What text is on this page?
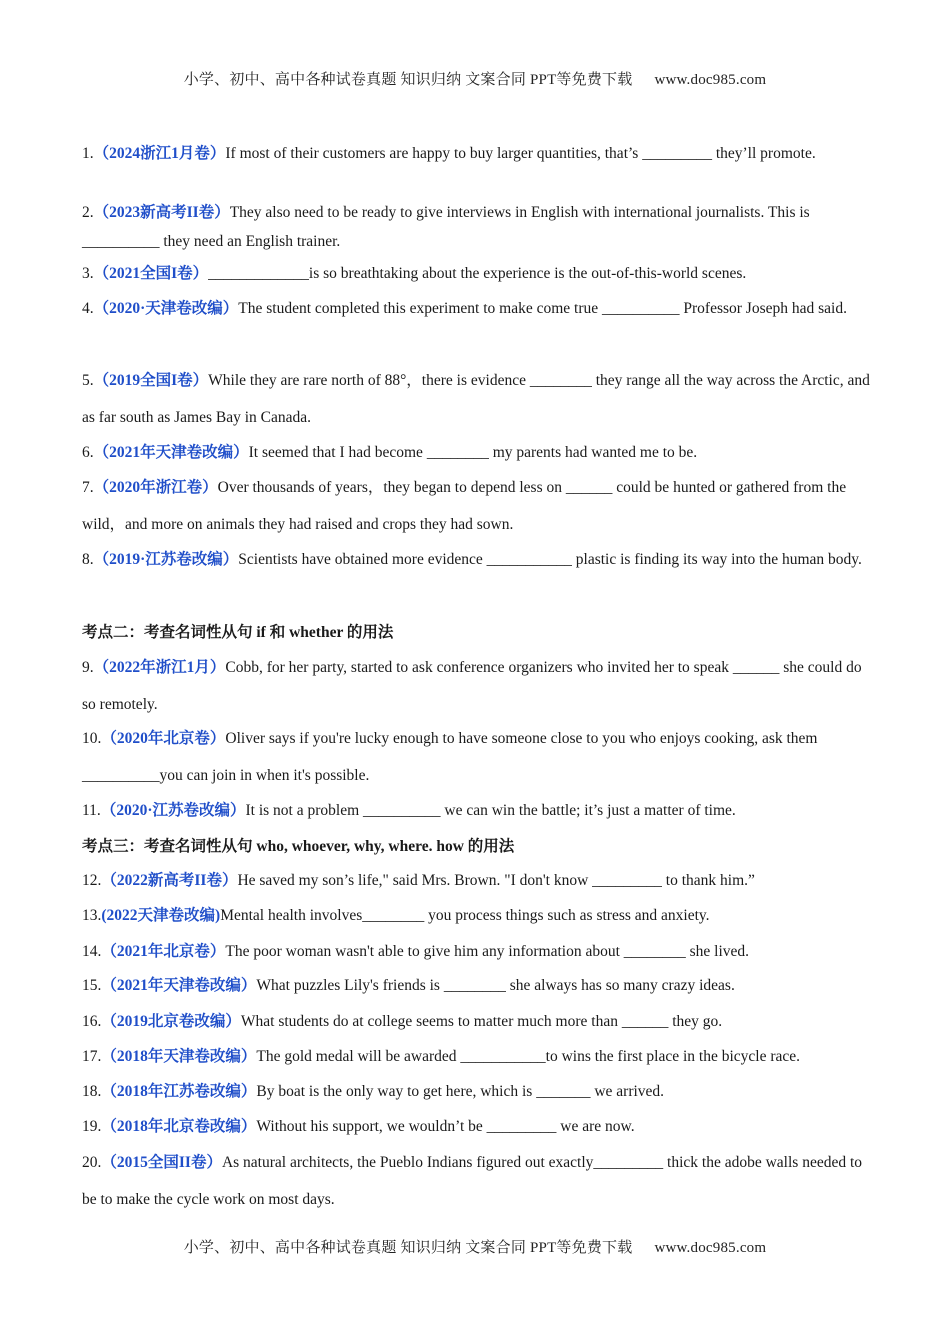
小学、初中、高中各种试卷真题 知识归纳 文案合同 PPT等免费下载 www.doc985.com
1.（2024浙江1月卷）If most of their customers are happy to buy larger quantities, that’s _________ they’ll promote.
2.（2023新高考II卷）They also need to be ready to give interviews in English with international journalists. This is __________ they need an English trainer.
3.（2021全国I卷）_____________is so breathtaking about the experience is the out-of-this-world scenes.
4.（2020·天津卷改编）The student completed this experiment to make come true __________ Professor Joseph had said.
5.（2019全国I卷）While they are rare north of 88°，there is evidence ________ they range all the way across the Arctic, and as far south as James Bay in Canada.
6.（2021年天津卷改编）It seemed that I had become ________ my parents had wanted me to be.
7.（2020年浙江卷）Over thousands of years，they began to depend less on ______ could be hunted or gathered from the wild，and more on animals they had raised and crops they had sown.
8.（2019·江苏卷改编）Scientists have obtained more evidence ___________ plastic is finding its way into the human body.
考点二：考查名词性从句 if 和 whether 的用法
9.（2022年浙江1月）Cobb, for her party, started to ask conference organizers who invited her to speak ______ she could do so remotely.
10.（2020年北京卷）Oliver says if you're lucky enough to have someone close to you who enjoys cooking, ask them __________you can join in when it's possible.
11.（2020·江苏卷改编）It is not a problem __________ we can win the battle; it’s just a matter of time.
考点三：考查名词性从句 who, whoever, why, where. how 的用法
12.（2022新高考II卷）He saved my son’s life," said Mrs. Brown. "I don't know _________ to thank him.”
13.(2022天津卷改编)Mental health involves________ you process things such as stress and anxiety.
14.（2021年北京卷）The poor woman wasn't able to give him any information about ________ she lived.
15.（2021年天津卷改编）What puzzles Lily's friends is ________ she always has so many crazy ideas.
16.（2019北京卷改编）What students do at college seems to matter much more than ______ they go.
17.（2018年天津卷改编）The gold medal will be awarded ___________to wins the first place in the bicycle race.
18.（2018年江苏卷改编）By boat is the only way to get here, which is _______ we arrived.
19.（2018年北京卷改编）Without his support, we wouldn’t be _________ we are now.
20.（2015全国II卷）As natural architects, the Pueblo Indians figured out exactly_________ thick the adobe walls needed to be to make the cycle work on most days.
小学、初中、高中各种试卷真题 知识归纳 文案合同 PPT等免费下载 www.doc985.com
